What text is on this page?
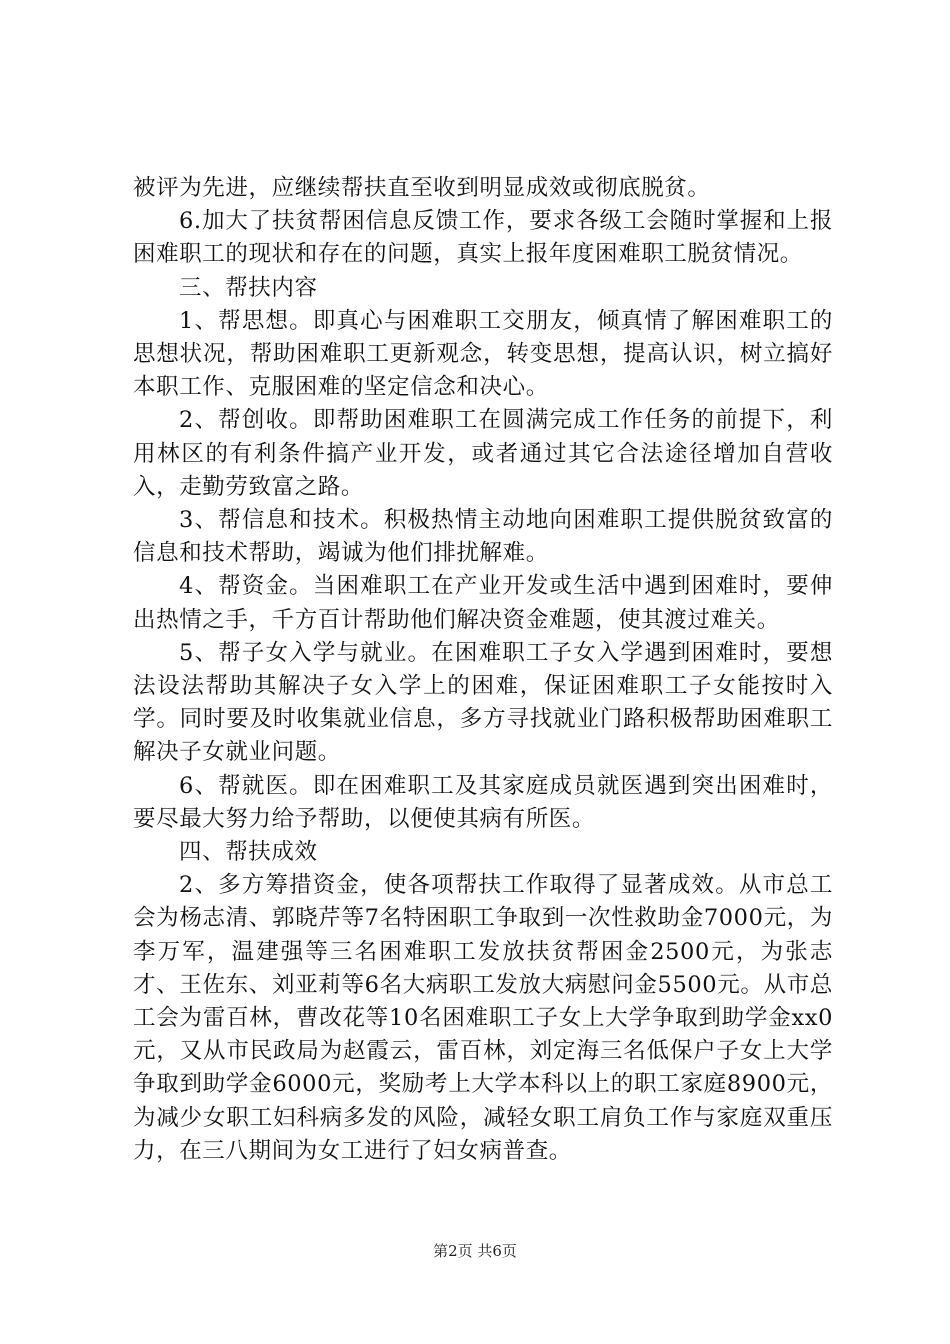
被评为先进，应继续帮扶直至收到明显成效或彻底脱贫。

6.加大了扶贫帮困信息反馈工作，要求各级工会随时掌握和上报困难职工的现状和存在的问题，真实上报年度困难职工脱贫情况。

三、帮扶内容

1、帮思想。即真心与困难职工交朋友，倾真情了解困难职工的思想状况，帮助困难职工更新观念，转变思想，提高认识，树立搞好本职工作、克服困难的坚定信念和决心。

2、帮创收。即帮助困难职工在圆满完成工作任务的前提下，利用林区的有利条件搞产业开发，或者通过其它合法途径增加自营收入，走勤劳致富之路。

3、帮信息和技术。积极热情主动地向困难职工提供脱贫致富的信息和技术帮助，竭诚为他们排扰解难。

4、帮资金。当困难职工在产业开发或生活中遇到困难时，要伸出热情之手，千方百计帮助他们解决资金难题，使其渡过难关。

5、帮子女入学与就业。在困难职工子女入学遇到困难时，要想法设法帮助其解决子女入学上的困难，保证困难职工子女能按时入学。同时要及时收集就业信息，多方寻找就业门路积极帮助困难职工解决子女就业问题。

6、帮就医。即在困难职工及其家庭成员就医遇到突出困难时，要尽最大努力给予帮助，以便使其病有所医。

四、帮扶成效

2、多方筹措资金，使各项帮扶工作取得了显著成效。从市总工会为杨志清、郭晓芹等7名特困职工争取到一次性救助金7000元，为李万军，温建强等三名困难职工发放扶贫帮困金2500元，为张志才、王佐东、刘亚莉等6名大病职工发放大病慰问金5500元。从市总工会为雷百林，曹改花等10名困难职工子女上大学争取到助学金xx0元，又从市民政局为赵霞云，雷百林，刘定海三名低保户子女上大学争取到助学金6000元，奖励考上大学本科以上的职工家庭8900元，为减少女职工妇科病多发的风险，减轻女职工肩负工作与家庭双重压力，在三八期间为女工进行了妇女病普查。

第2页 共6页
